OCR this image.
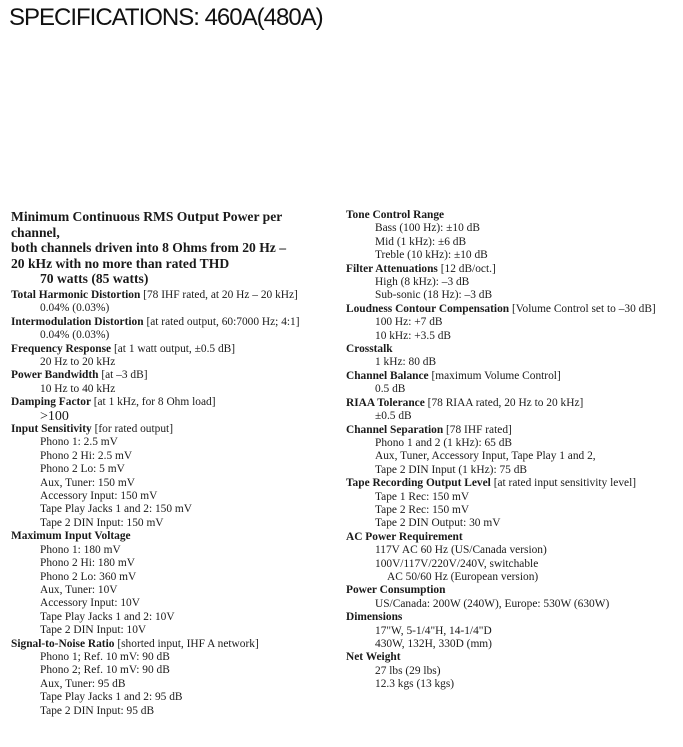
SPECIFICATIONS: 460A(480A)
Minimum Continuous RMS Output Power per channel,
both channels driven into 8 Ohms from 20 Hz –
20 kHz with no more than rated THD
70 watts (85 watts)
Total Harmonic Distortion [78 IHF rated, at 20 Hz – 20 kHz]
0.04% (0.03%)
Intermodulation Distortion [at rated output, 60:7000 Hz; 4:1]
0.04% (0.03%)
Frequency Response [at 1 watt output, ±0.5 dB]
20 Hz to 20 kHz
Power Bandwidth [at –3 dB]
10 Hz to 40 kHz
Damping Factor [at 1 kHz, for 8 Ohm load]
>100
Input Sensitivity [for rated output]
Phono 1: 2.5 mV
Phono 2 Hi: 2.5 mV
Phono 2 Lo: 5 mV
Aux, Tuner: 150 mV
Accessory Input: 150 mV
Tape Play Jacks 1 and 2: 150 mV
Tape 2 DIN Input: 150 mV
Maximum Input Voltage
Phono 1: 180 mV
Phono 2 Hi: 180 mV
Phono 2 Lo: 360 mV
Aux, Tuner: 10V
Accessory Input: 10V
Tape Play Jacks 1 and 2: 10V
Tape 2 DIN Input: 10V
Signal-to-Noise Ratio [shorted input, IHF A network]
Phono 1; Ref. 10 mV: 90 dB
Phono 2; Ref. 10 mV: 90 dB
Aux, Tuner: 95 dB
Tape Play Jacks 1 and 2: 95 dB
Tape 2 DIN Input: 95 dB
Tone Control Range
Bass (100 Hz): ±10 dB
Mid (1 kHz): ±6 dB
Treble (10 kHz): ±10 dB
Filter Attenuations [12 dB/oct.]
High (8 kHz): –3 dB
Sub-sonic (18 Hz): –3 dB
Loudness Contour Compensation [Volume Control set to –30 dB]
100 Hz: +7 dB
10 kHz: +3.5 dB
Crosstalk
1 kHz: 80 dB
Channel Balance [maximum Volume Control]
0.5 dB
RIAA Tolerance [78 RIAA rated, 20 Hz to 20 kHz]
±0.5 dB
Channel Separation [78 IHF rated]
Phono 1 and 2 (1 kHz): 65 dB
Aux, Tuner, Accessory Input, Tape Play 1 and 2,
Tape 2 DIN Input (1 kHz): 75 dB
Tape Recording Output Level [at rated input sensitivity level]
Tape 1 Rec: 150 mV
Tape 2 Rec: 150 mV
Tape 2 DIN Output: 30 mV
AC Power Requirement
117V AC 60 Hz (US/Canada version)
100V/117V/220V/240V, switchable
AC 50/60 Hz (European version)
Power Consumption
US/Canada: 200W (240W), Europe: 530W (630W)
Dimensions
17"W, 5-1/4"H, 14-1/4"D
430W, 132H, 330D (mm)
Net Weight
27 lbs (29 lbs)
12.3 kgs (13 kgs)
